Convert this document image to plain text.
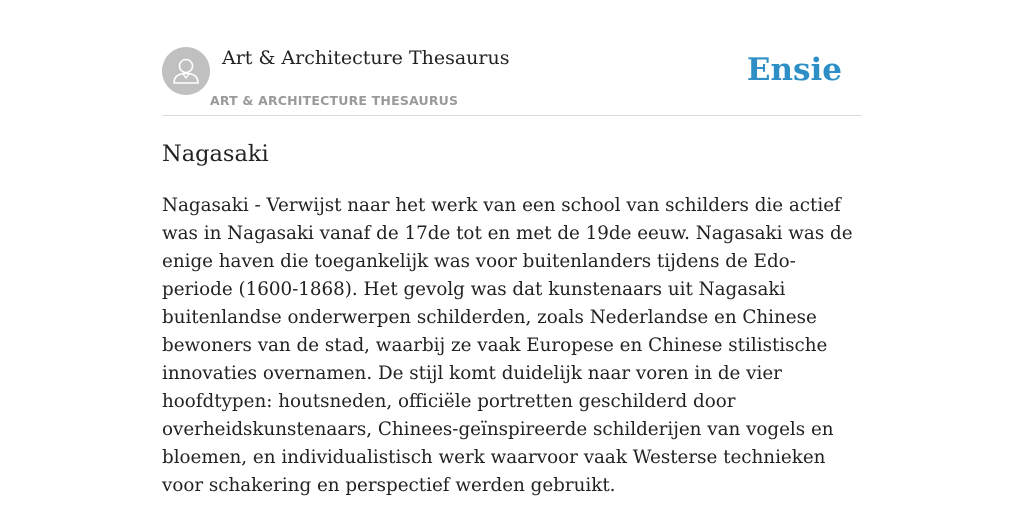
Art & Architecture Thesaurus
ART & ARCHITECTURE THESAURUS
Ensie
Nagasaki

Nagasaki - Verwijst naar het werk van een school van schilders die actief was in Nagasaki vanaf de 17de tot en met de 19de eeuw. Nagasaki was de enige haven die toegankelijk was voor buitenlanders tijdens de Edo-periode (1600-1868). Het gevolg was dat kunstenaars uit Nagasaki buitenlandse onderwerpen schilderden, zoals Nederlandse en Chinese bewoners van de stad, waarbij ze vaak Europese en Chinese stilistische innovaties overnamen. De stijl komt duidelijk naar voren in de vier hoofdtypen: houtsneden, officiële portretten geschilderd door overheidskunstenaars, Chinees-geïnspireerde schilderijen van vogels en bloemen, en individualistisch werk waarvoor vaak Westerse technieken voor schakering en perspectief werden gebruikt.
